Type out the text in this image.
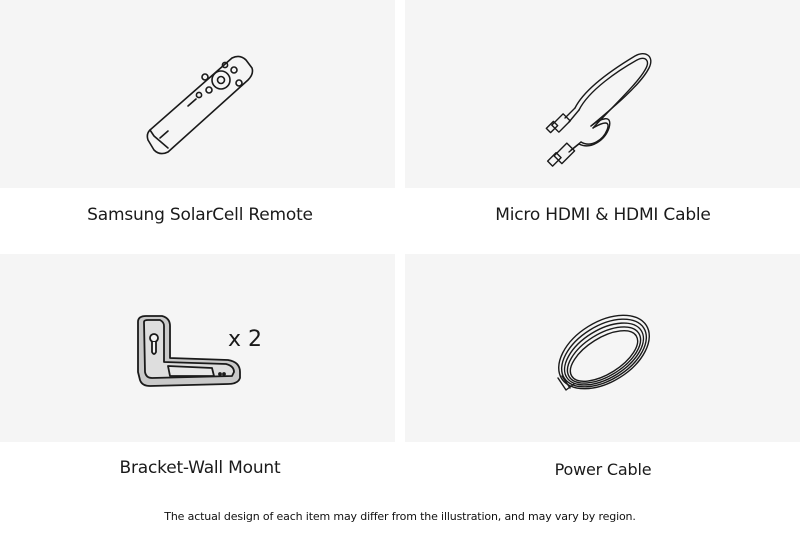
x 2
Samsung SolarCell Remote	Micro HDMI & HDMI Cable
Bracket-Wall Mount	Power Cable
The actual design of each item may differ from the illustration, and may vary by region.
